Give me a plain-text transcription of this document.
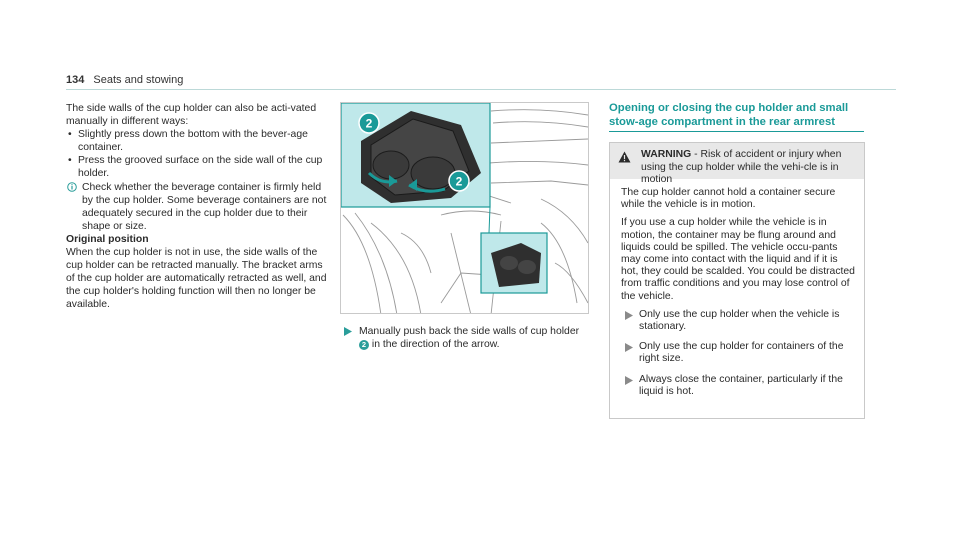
134 Seats and stowing

The side walls of the cup holder can also be acti-vated manually in different ways:

• Slightly press down the bottom with the bever-age container.
• Press the grooved surface on the side wall of the cup holder.
Check whether the beverage container is firmly held by the cup holder. Some beverage containers are not adequately secured in the cup holder due to their shape or size.

Original position

When the cup holder is not in use, the side walls of the cup holder can be retracted manually. The bracket arms of the cup holder are automatically retracted as well, and the cup holder's holding function will then no longer be available.

2
2
Manually push back the side walls of cup holder 2 in the direction of the arrow.
Opening or closing the cup holder and small stow-age compartment in the rear armrest
WARNING - Risk of accident or injury when using the cup holder while the vehi-cle is in motion

The cup holder cannot hold a container secure while the vehicle is in motion.

If you use a cup holder while the vehicle is in motion, the container may be flung around and liquids could be spilled. The vehicle occu-pants may come into contact with the liquid and if it is hot, they could be scalded. You could be distracted from traffic conditions and you may lose control of the vehicle.

Only use the cup holder when the vehicle is stationary.
Only use the cup holder for containers of the right size.
Always close the container, particularly if the liquid is hot.
